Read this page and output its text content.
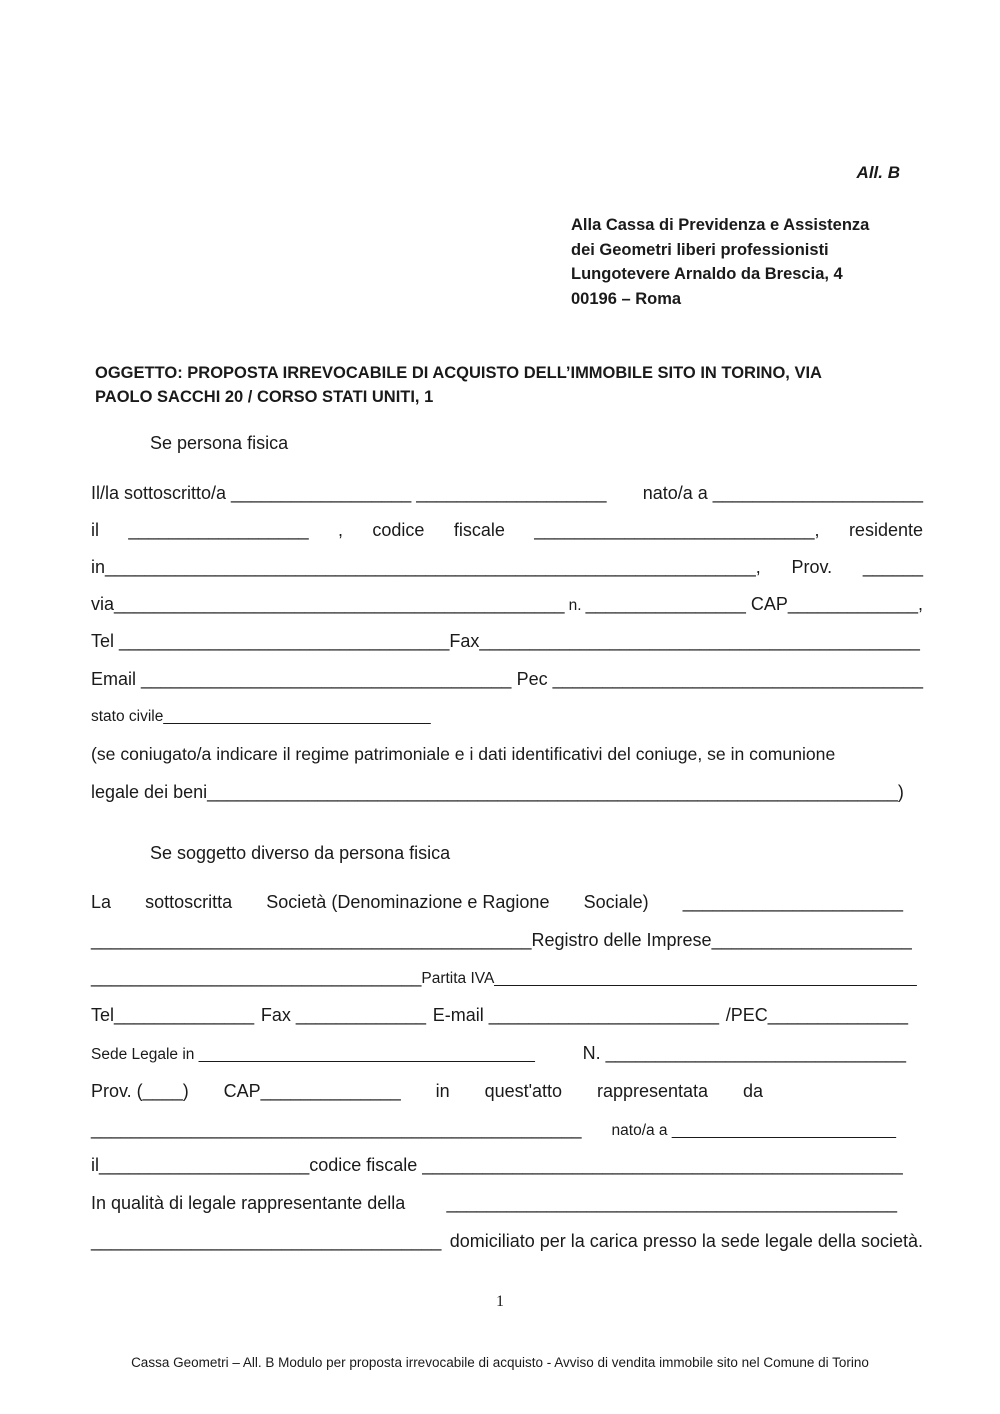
All. B
Alla Cassa di Previdenza e Assistenza
dei Geometri liberi professionisti
Lungotevere Arnaldo da Brescia, 4
00196 – Roma
OGGETTO: PROPOSTA IRREVOCABILE DI ACQUISTO DELL’IMMOBILE SITO IN TORINO, VIA
PAOLO SACCHI 20 / CORSO STATI UNITI, 1
Se persona fisica
Il/la sottoscritto/a __________________ ___________________ nato/a a _____________________
il __________________ , codice fiscale ____________________________, residente
in_________________________________________________________________, Prov. ______
via_____________________________________________ n. ________________ CAP_____________,
Tel _________________________________Fax ____________________________________________
Email _____________________________________ Pec _____________________________________
stato civile_______________________________
(se coniugato/a indicare il regime patrimoniale e i dati identificativi del coniuge, se in comunione
legale dei beni_____________________________________________________________________)
Se soggetto diverso da persona fisica
La sottoscritta Società (Denominazione e Ragione Sociale) ______________________
____________________________________________Registro delle Imprese ____________________
_________________________________ Partita IVA_________________________________________________
Tel______________ Fax _____________ E-mail _______________________ /PEC______________
Sede Legale in _______________________________________	N. ______________________________
Prov. (____) CAP______________ in quest'atto rappresentata da
_________________________________________________ nato/a a __________________________
il_____________________ codice fiscale ________________________________________________
In qualità di legale rappresentante della _____________________________________________
___________________________________ domiciliato per la carica presso la sede legale della società.
1
Cassa Geometri – All. B Modulo per proposta irrevocabile di acquisto - Avviso di vendita immobile sito nel Comune di Torino
